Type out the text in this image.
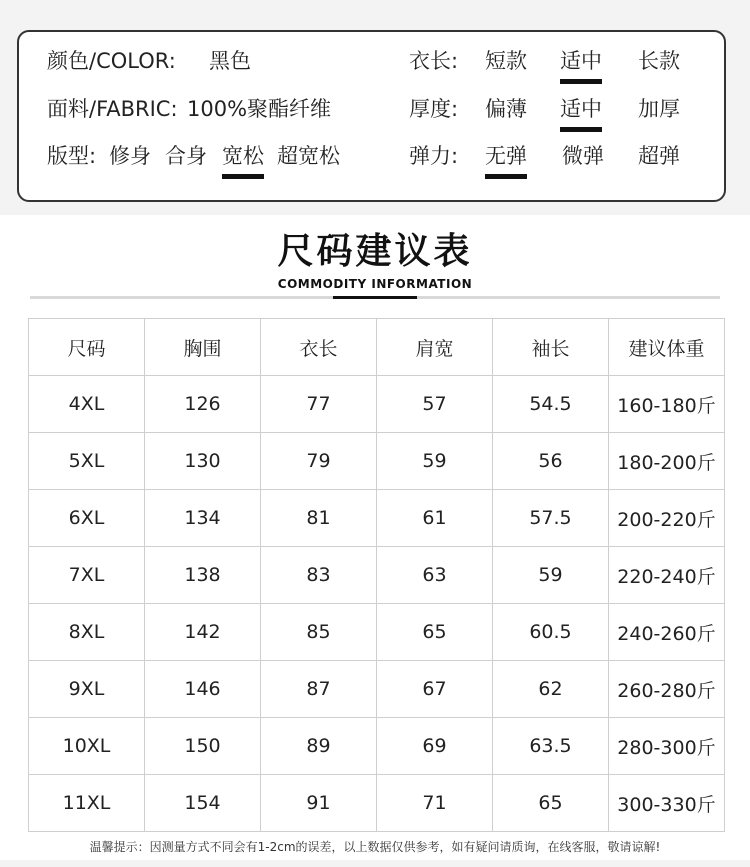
颜色/COLOR: 黑色	衣长: 短款 适中 长款
面料/FABRIC: 100%聚酯纤维	厚度: 偏薄 适中 加厚
版型: 修身 合身 宽松 超宽松	弹力: 无弹 微弹 超弹
尺码建议表
COMMODITY INFORMATION
尺码	胸围	衣长	肩宽	袖长	建议体重
4XL	126	77	57	54.5	160-180斤
5XL	130	79	59	56	180-200斤
6XL	134	81	61	57.5	200-220斤
7XL	138	83	63	59	220-240斤
8XL	142	85	65	60.5	240-260斤
9XL	146	87	67	62	260-280斤
10XL	150	89	69	63.5	280-300斤
11XL	154	91	71	65	300-330斤
温馨提示：因测量方式不同会有1-2cm的误差，以上数据仅供参考，如有疑问请质询，在线客服，敬请谅解!
